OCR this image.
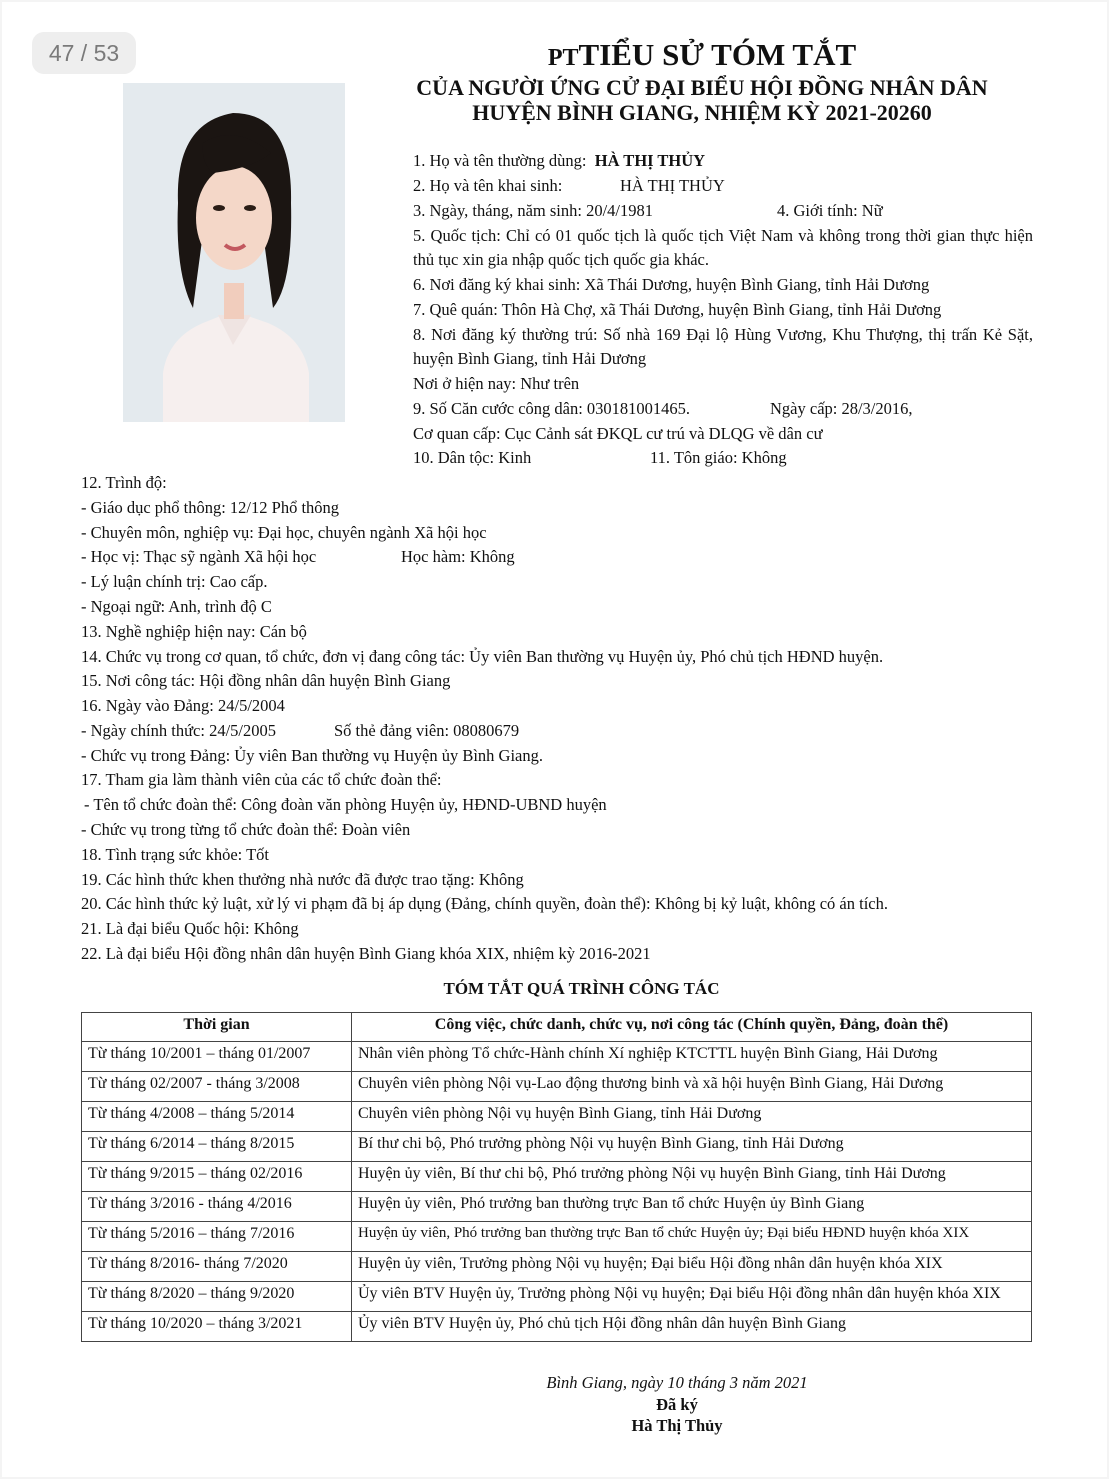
47 / 53	PTTIỂU SỬ TÓM TẮT
CỦA NGƯỜI ỨNG CỬ ĐẠI BIỂU HỘI ĐỒNG NHÂN DÂN
HUYỆN BÌNH GIANG, NHIỆM KỲ 2021-20260
1. Họ và tên thường dùng: HÀ THỊ THỦY
2. Họ và tên khai sinh:	HÀ THỊ THỦY
3. Ngày, tháng, năm sinh: 20/4/1981	4. Giới tính: Nữ
5. Quốc tịch: Chỉ có 01 quốc tịch là quốc tịch Việt Nam và không trong thời gian thực hiện thủ tục xin gia nhập quốc tịch quốc gia khác.
6. Nơi đăng ký khai sinh: Xã Thái Dương, huyện Bình Giang, tỉnh Hải Dương
7. Quê quán: Thôn Hà Chợ, xã Thái Dương, huyện Bình Giang, tỉnh Hải Dương
8. Nơi đăng ký thường trú: Số nhà 169 Đại lộ Hùng Vương, Khu Thượng, thị trấn Kẻ Sặt, huyện Bình Giang, tỉnh Hải Dương
Nơi ở hiện nay: Như trên
9. Số Căn cước công dân: 030181001465.	Ngày cấp: 28/3/2016,
Cơ quan cấp: Cục Cảnh sát ĐKQL cư trú và DLQG về dân cư
10. Dân tộc: Kinh	11. Tôn giáo: Không
12. Trình độ:
- Giáo dục phổ thông: 12/12 Phổ thông
- Chuyên môn, nghiệp vụ: Đại học, chuyên ngành Xã hội học
- Học vị: Thạc sỹ ngành Xã hội học	Học hàm: Không
- Lý luận chính trị: Cao cấp.
- Ngoại ngữ: Anh, trình độ C
13. Nghề nghiệp hiện nay: Cán bộ
14. Chức vụ trong cơ quan, tổ chức, đơn vị đang công tác: Ủy viên Ban thường vụ Huyện ủy, Phó chủ tịch HĐND huyện.
15. Nơi công tác: Hội đồng nhân dân huyện Bình Giang
16. Ngày vào Đảng: 24/5/2004
- Ngày chính thức: 24/5/2005	Số thẻ đảng viên: 08080679
- Chức vụ trong Đảng: Ủy viên Ban thường vụ Huyện ủy Bình Giang.
17. Tham gia làm thành viên của các tổ chức đoàn thể:
- Tên tổ chức đoàn thể: Công đoàn văn phòng Huyện ủy, HĐND-UBND huyện
- Chức vụ trong từng tổ chức đoàn thể: Đoàn viên
18. Tình trạng sức khỏe: Tốt
19. Các hình thức khen thưởng nhà nước đã được trao tặng: Không
20. Các hình thức kỷ luật, xử lý vi phạm đã bị áp dụng (Đảng, chính quyền, đoàn thể): Không bị kỷ luật, không có án tích.
21. Là đại biểu Quốc hội: Không
22. Là đại biểu Hội đồng nhân dân huyện Bình Giang khóa XIX, nhiệm kỳ 2016-2021
TÓM TẮT QUÁ TRÌNH CÔNG TÁC
Thời gian	Công việc, chức danh, chức vụ, nơi công tác (Chính quyền, Đảng, đoàn thể)
Từ tháng 10/2001 – tháng 01/2007	Nhân viên phòng Tổ chức-Hành chính Xí nghiệp KTCTTL huyện Bình Giang, Hải Dương
Từ tháng 02/2007 - tháng 3/2008	Chuyên viên phòng Nội vụ-Lao động thương binh và xã hội huyện Bình Giang, Hải Dương
Từ tháng 4/2008 – tháng 5/2014	Chuyên viên phòng Nội vụ huyện Bình Giang, tỉnh Hải Dương
Từ tháng 6/2014 – tháng 8/2015	Bí thư chi bộ, Phó trưởng phòng Nội vụ huyện Bình Giang, tỉnh Hải Dương
Từ tháng 9/2015 – tháng 02/2016	Huyện ủy viên, Bí thư chi bộ, Phó trưởng phòng Nội vụ huyện Bình Giang, tỉnh Hải Dương
Từ tháng 3/2016 - tháng 4/2016	Huyện ủy viên, Phó trưởng ban thường trực Ban tổ chức Huyện ủy Bình Giang
Từ tháng 5/2016 – tháng 7/2016	Huyện ủy viên, Phó trưởng ban thường trực Ban tổ chức Huyện ủy; Đại biểu HĐND huyện khóa XIX
Từ tháng 8/2016- tháng 7/2020	Huyện ủy viên, Trưởng phòng Nội vụ huyện; Đại biểu Hội đồng nhân dân huyện khóa XIX
Từ tháng 8/2020 – tháng 9/2020	Ủy viên BTV Huyện ủy, Trưởng phòng Nội vụ huyện; Đại biểu Hội đồng nhân dân huyện khóa XIX
Từ tháng 10/2020 – tháng 3/2021	Ủy viên BTV Huyện ủy, Phó chủ tịch Hội đồng nhân dân huyện Bình Giang
Bình Giang, ngày 10 tháng 3 năm 2021
Đã ký
Hà Thị Thủy
